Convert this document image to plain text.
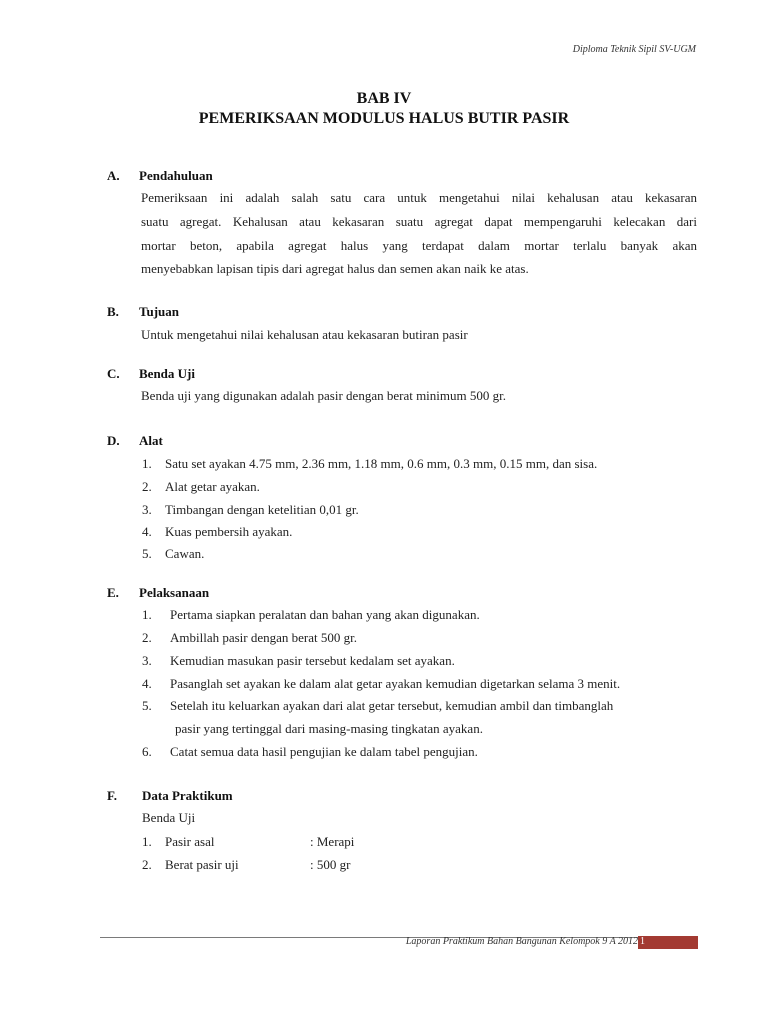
Diploma Teknik Sipil SV-UGM
BAB IV
PEMERIKSAAN MODULUS HALUS BUTIR PASIR
A. Pendahuluan
Pemeriksaan ini adalah salah satu cara untuk mengetahui nilai kehalusan atau kekasaran
suatu agregat. Kehalusan atau kekasaran suatu agregat dapat mempengaruhi kelecakan dari
mortar beton, apabila agregat halus yang terdapat dalam mortar terlalu banyak akan
menyebabkan lapisan tipis dari agregat halus dan semen akan naik ke atas.
B. Tujuan
Untuk mengetahui nilai kehalusan atau kekasaran butiran pasir
C. Benda Uji
Benda uji yang digunakan adalah pasir dengan berat minimum 500 gr.
D. Alat
1. Satu set ayakan 4.75 mm, 2.36 mm, 1.18 mm, 0.6 mm, 0.3 mm, 0.15 mm, dan sisa.
2. Alat getar ayakan.
3. Timbangan dengan ketelitian 0,01 gr.
4. Kuas pembersih ayakan.
5. Cawan.
E. Pelaksanaan
1. Pertama siapkan peralatan dan bahan yang akan digunakan.
2. Ambillah pasir dengan berat 500 gr.
3. Kemudian masukan pasir tersebut kedalam set ayakan.
4. Pasanglah set ayakan ke dalam alat getar ayakan kemudian digetarkan selama 3 menit.
5. Setelah itu keluarkan ayakan dari alat getar tersebut, kemudian ambil dan timbanglah
pasir yang tertinggal dari masing-masing tingkatan ayakan.
6. Catat semua data hasil pengujian ke dalam tabel pengujian.
F. Data Praktikum
Benda Uji
1. Pasir asal	: Merapi
2. Berat pasir uji	: 500 gr
Laporan Praktikum Bahan Bangunan Kelompok 9 A 2012 1
